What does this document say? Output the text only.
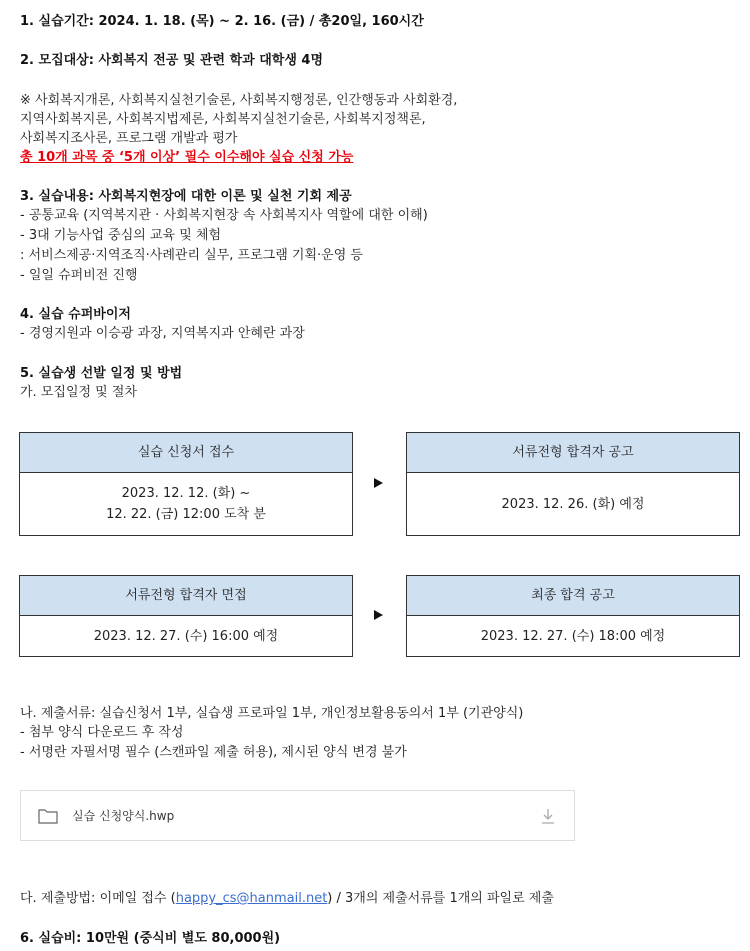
1. 실습기간: 2024. 1. 18. (목) ~ 2. 16. (금) / 총20일, 160시간
2. 모집대상: 사회복지 전공 및 관련 학과 대학생 4명
※ 사회복지개론, 사회복지실천기술론, 사회복지행정론, 인간행동과 사회환경,
지역사회복지론, 사회복지법제론, 사회복지실천기술론, 사회복지정책론,
사회복지조사론, 프로그램 개발과 평가
총 10개 과목 중 ‘5개 이상’ 필수 이수해야 실습 신청 가능
3. 실습내용: 사회복지현장에 대한 이론 및 실천 기회 제공
- 공통교육 (지역복지관 · 사회복지현장 속 사회복지사 역할에 대한 이해)
- 3대 기능사업 중심의 교육 및 체험
: 서비스제공·지역조직·사례관리 실무, 프로그램 기획·운영 등
- 일일 슈퍼비전 진행
4. 실습 슈퍼바이저
- 경영지원과 이승광 과장, 지역복지과 안혜란 과장
5. 실습생 선발 일정 및 방법
가. 모집일정 및 절차
실습 신청서 접수
2023. 12. 12. (화) ~
12. 22. (금) 12:00 도착 분
서류전형 합격자 공고
2023. 12. 26. (화) 예정
서류전형 합격자 면접
2023. 12. 27. (수) 16:00 예정
최종 합격 공고
2023. 12. 27. (수) 18:00 예정
나. 제출서류: 실습신청서 1부, 실습생 프로파일 1부, 개인정보활용동의서 1부 (기관양식)
- 첨부 양식 다운로드 후 작성
- 서명란 자필서명 필수 (스캔파일 제출 허용), 제시된 양식 변경 불가
실습 신청양식.hwp
다. 제출방법: 이메일 접수 (happy_cs@hanmail.net) / 3개의 제출서류를 1개의 파일로 제출
6. 실습비: 10만원 (중식비 별도 80,000원)
